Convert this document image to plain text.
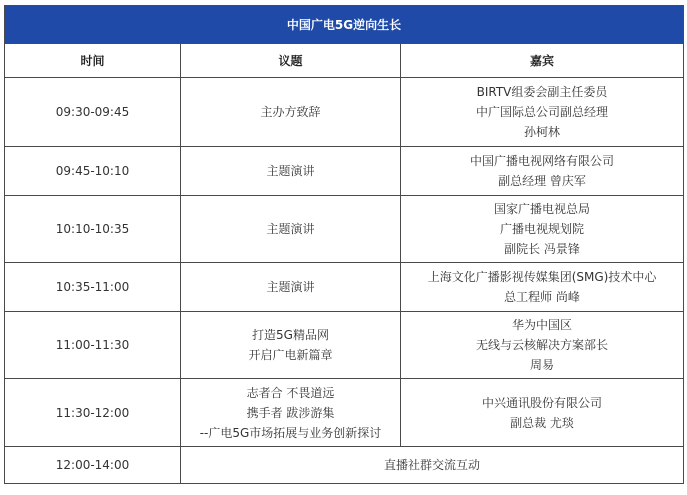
中国广电5G逆向生长		
时间	议题	嘉宾
09:30-09:45	主办方致辞	BIRTV组委会副主任委员
中广国际总公司副总经理
孙柯林

09:45-10:10	主题演讲	中国广播电视网络有限公司
副总经理 曾庆军

10:10-10:35	主题演讲	国家广播电视总局
广播电视规划院
副院长 冯景锋

10:35-11:00	主题演讲	上海文化广播影视传媒集团(SMG)技术中心
总工程师 尚峰

11:00-11:30	打造5G精品网
开启广电新篇章	华为中国区
无线与云核解决方案部长
周易

11:30-12:00	志者合 不畏道远
携手者 跋涉游集
--广电5G市场拓展与业务创新探讨	中兴通讯股份有限公司
副总裁 尤琰

12:00-14:00	直播社群交流互动	
